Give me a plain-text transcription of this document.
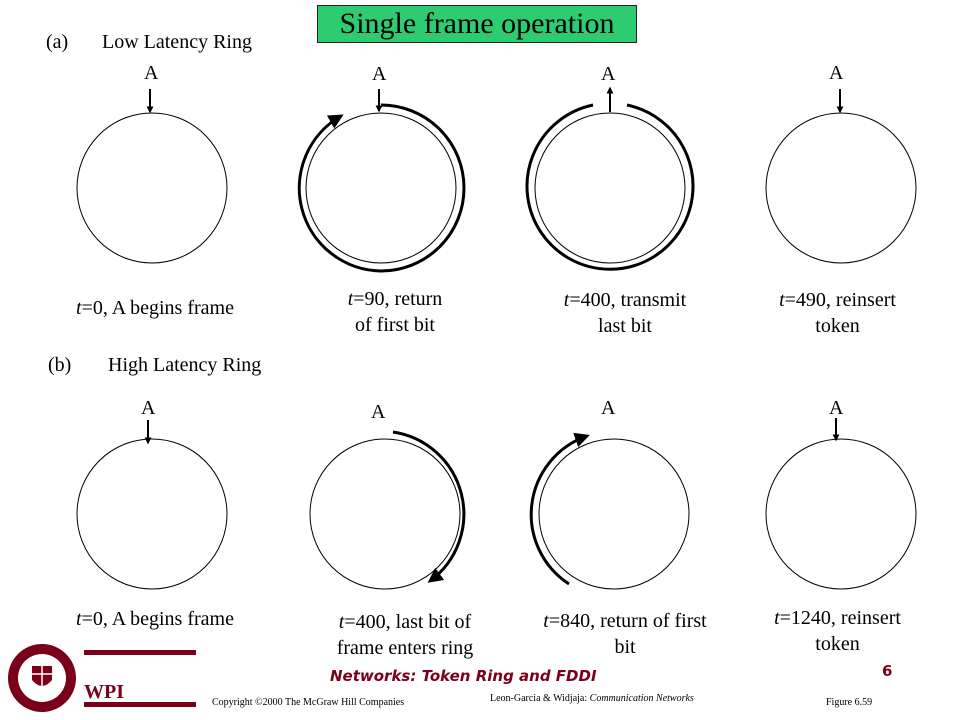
Single frame operation
(a) Low Latency Ring
(b) High Latency Ring
A	A	A	A
A	A	A	A
t=0, A begins frame	t=90, return
of first bit
t=400, transmit
last bit
t=490, reinsert
token
t=0, A begins frame	t=400, last bit of
frame enters ring
t=840, return of first
bit
t=1240, reinsert
token
WPI
Networks: Token Ring and FDDI	6
Copyright ©2000 The McGraw Hill Companies	Leon-Garcia & Widjaja: Communication Networks	Figure 6.59
